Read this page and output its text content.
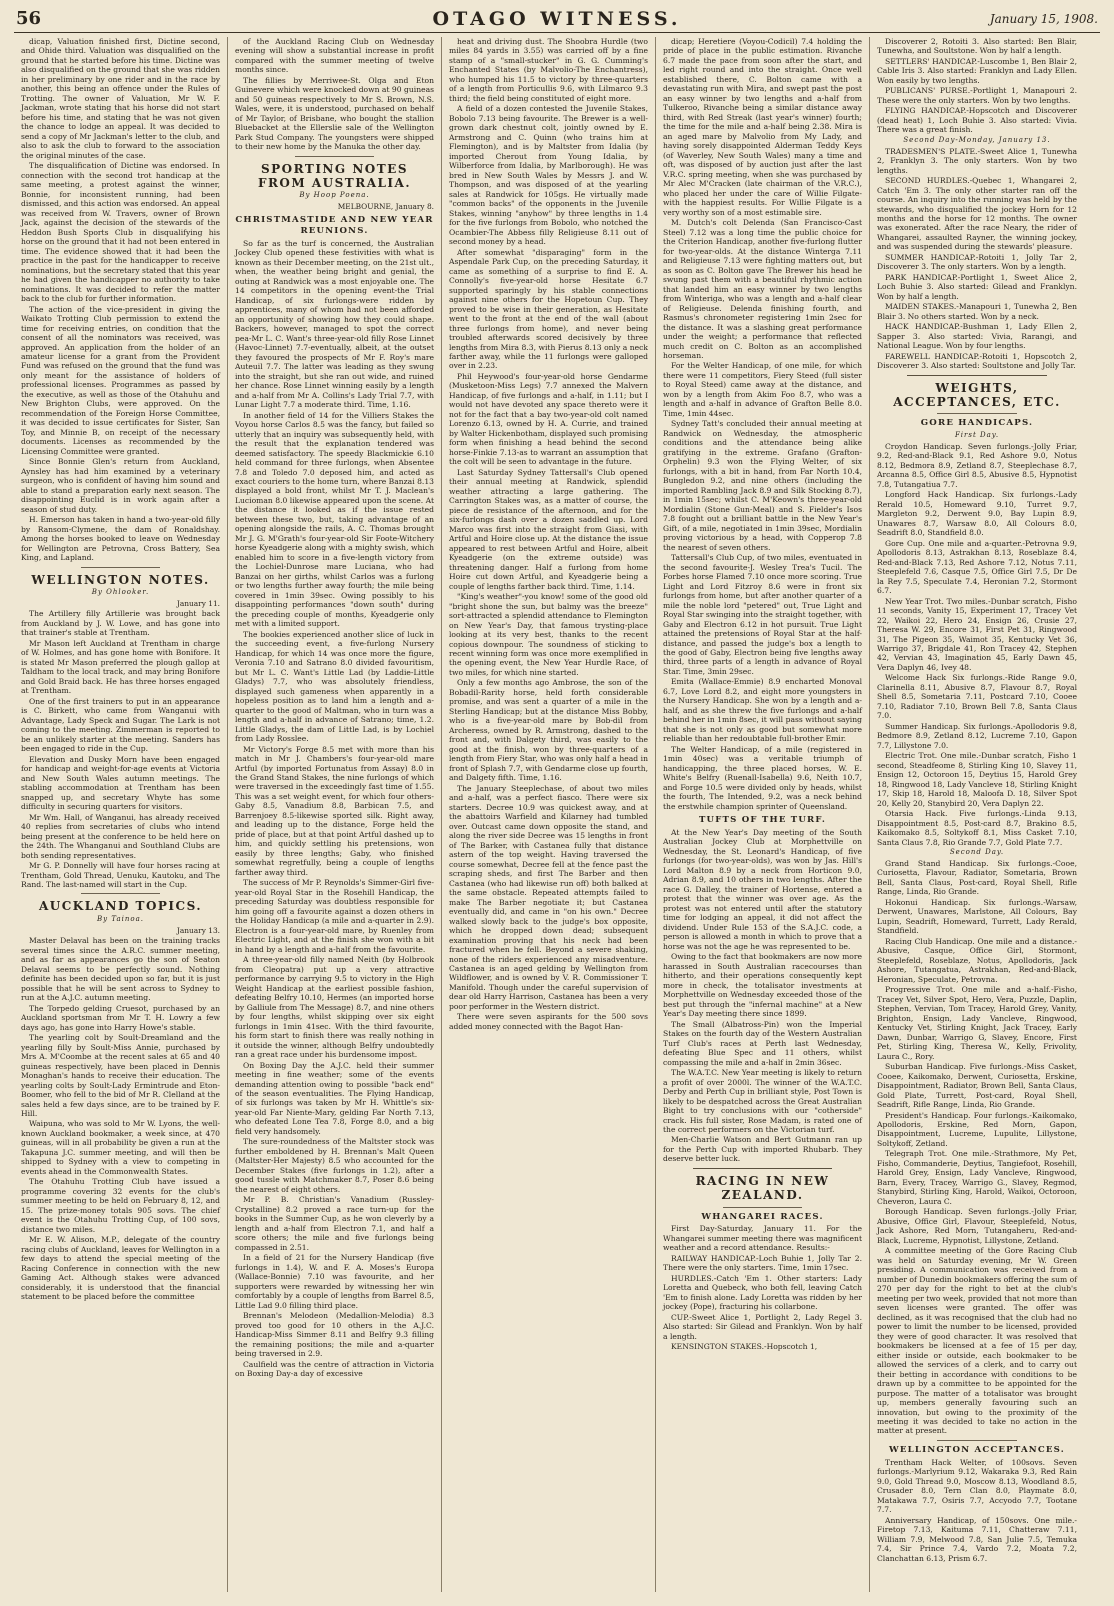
56	OTAGO WITNESS.	January 15, 1908.

dicap, Valuation finished first, Dictine second, and Ohide third. Valuation was disqualified on the ground that he started before his time. Dictine was also disqualified on the ground that she was ridden in her preliminary by one rider and in the race by another, this being an offence under the Rules of Trotting. The owner of Valuation, Mr W. F. Jackman, wrote stating that his horse did not start before his time, and stating that he was not given the chance to lodge an appeal. It was decided to send a copy of Mr Jackman's letter to the club, and also to ask the club to forward to the association the original minutes of the case.

The disqualification of Dictine was endorsed. In connection with the second trot handicap at the same meeting, a protest against the winner, Bonnie, for inconsistent running, had been dismissed, and this action was endorsed. An appeal was received from W. Travers, owner of Brown Jack, against the decision of the stewards of the Heddon Bush Sports Club in disqualifying his horse on the ground that it had not been entered in time. The evidence showed that it had been the practice in the past for the handicapper to receive nominations, but the secretary stated that this year he had given the handicapper no authority to take nominations. It was decided to refer the matter back to the club for further information.

The action of the vice-president in giving the Waikato Trotting Club permission to extend the time for receiving entries, on condition that the consent of all the nominators was received, was approved. An application from the holder of an amateur license for a grant from the Provident Fund was refused on the ground that the fund was only meant for the assistance of holders of professional licenses. Programmes as passed by the executive, as well as those of the Otahuhu and New Brighton Clubs, were approved. On the recommendation of the Foreign Horse Committee, it was decided to issue certificates for Sister, San Toy, and Minnie B, on receipt of the necessary documents. Licenses as recommended by the Licensing Committee were granted.

Since Bonnie Glen's return from Auckland, Aynsley has had him examined by a veterinary surgeon, who is confident of having him sound and able to stand a preparation early next season. The disappointing Euclid is in work again after a season of stud duty.

H. Emerson has taken in hand a two-year-old filly by Ransom-Clymene, the dam of Ronaldshay. Among the horses booked to leave on Wednesday for Wellington are Petrovna, Cross Battery, Sea King, and Lapland.

WELLINGTON NOTES.
By Ohlooker.
January 11.

The Artillery filly Artillerie was brought back from Auckland by J. W. Lowe, and has gone into that trainer's stable at Trentham.

Mr Mason left Auckland at Trentham in charge of W. Holmes, and has gone home with Bonifore. It is stated Mr Mason preferred the plough gallop at Taldham to the local track, and may bring Bonifore and Gold Braid back. He has three horses engaged at Trentham.

One of the first trainers to put in an appearance is C. Birkett, who came from Wanganui with Advantage, Lady Speck and Sugar. The Lark is not coming to the meeting. Zimmerman is reported to be an unlikely starter at the meeting. Sanders has been engaged to ride in the Cup.

Elevation and Dusky Morn have been engaged for handicap and weight-for-age events at Victoria and New South Wales autumn meetings. The stabling accommodation at Trentham has been snapped up, and secretary Whyte has some difficulty in securing quarters for visitors.

Mr Wm. Hall, of Wanganui, has already received 40 replies from secretaries of clubs who intend being present at the conference to be held here on the 24th. The Whanganui and Southland Clubs are both sending representatives.

Mr G. P. Donnelly will have four horses racing at Trentham, Gold Thread, Uenuku, Kautoku, and The Rand. The last-named will start in the Cup.

AUCKLAND TOPICS.
By Tainoa.
January 13.

Master Delaval has been on the training tracks several times since the A.R.C. summer meeting, and as far as appearances go the son of Seaton Delaval seems to be perfectly sound. Nothing definite has been decided upon so far, but it is just possible that he will be sent across to Sydney to run at the A.J.C. autumn meeting.

The Torpedo gelding Cruesot, purchased by an Auckland sportsman from Mr T. H. Lowry a few days ago, has gone into Harry Howe's stable.

The yearling colt by Soult-Dreamland and the yearling filly by Soult-Miss Annie, purchased by Mrs A. M'Coombe at the recent sales at 65 and 40 guineas respectively, have been placed in Dennis Monaghan's hands to receive their education. The yearling colts by Soult-Lady Ermintrude and Eton-Boomer, who fell to the bid of Mr R. Clelland at the sales held a few days since, are to be trained by F. Hill.

Waipuna, who was sold to Mr W. Lyons, the well-known Auckland bookmaker, a week since, at 470 guineas, will in all probability be given a run at the Takapuna J.C. summer meeting, and will then be shipped to Sydney with a view to competing in events ahead in the Commonwealth States.

The Otahuhu Trotting Club have issued a programme covering 32 events for the club's summer meeting to be held on February 8, 12, and 15. The prize-money totals 905 sovs. The chief event is the Otahuhu Trotting Cup, of 100 sovs, distance two miles.

Mr E. W. Alison, M.P., delegate of the country racing clubs of Auckland, leaves for Wellington in a few days to attend the special meeting of the Racing Conference in connection with the new Gaming Act. Although stakes were advanced considerably, it is understood that the financial statement to be placed before the committee

of the Auckland Racing Club on Wednesday evening will show a substantial increase in profit compared with the summer meeting of twelve months since.

The fillies by Merriwee-St. Olga and Eton Guinevere which were knocked down at 90 guineas and 50 guineas respectively to Mr S. Brown, N.S. Wales, were, it is understood, purchased on behalf of Mr Taylor, of Brisbane, who bought the stallion Bluebacket at the Ellerslie sale of the Wellington Park Stud Company. The youngsters were shipped to their new home by the Manuka the other day.

SPORTING NOTES FROM AUSTRALIA.
By Hoop Poena.
MELBOURNE, January 8.
CHRISTMASTIDE AND NEW YEAR REUNIONS.

So far as the turf is concerned, the Australian Jockey Club opened these festivities with what is known as their December meeting, on the 21st ult., when, the weather being bright and genial, the outing at Randwick was a most enjoyable one. The 14 competitors in the opening event-the Trial Handicap, of six furlongs-were ridden by apprentices, many of whom had not been afforded an opportunity of showing how they could shape. Backers, however, managed to spot the correct pea-Mr L. C. Want's three-year-old filly Rose Linnet (Havoc-Linnet) 7.7-eventually, albeit, at the outset they favoured the prospects of Mr F. Roy's mare Auteuil 7.7. The latter was leading as they swung into the straight, but she ran out wide, and ruined her chance. Rose Linnet winning easily by a length and a-half from Mr A. Collins's Lady Trial 7.7, with Lunar Light 7.7 a moderate third. Time, 1.16.

In another field of 14 for the Villiers Stakes the Voyou horse Carlos 8.5 was the fancy, but failed so utterly that an inquiry was subsequently held, with the result that the explanation tendered was deemed satisfactory. The speedy Blackmickie 6.10 held command for three furlongs, when Absentee 7.8 and Toledo 7.0 deposed him, and acted as exact couriers to the home turn, where Banzai 8.13 displayed a bold front, whilst Mr T. J. Maclean's Lucioman 8.0 likewise appeared upon the scene. At the distance it looked as if the issue rested between these two, but, taking advantage of an opening alongside the rails, A. C. Thomas brought Mr J. G. M'Grath's four-year-old Sir Foote-Witchery horse Kyeadgerie along with a mighty swish, which enabled him to score in a five-length victory from the Lochiel-Dunrose mare Luciana, who had Banzai on her girths, whilst Carlos was a furlong or two lengths further away fourth; the mile being covered in 1min 39sec. Owing possibly to his disappointing performances "down south" during the preceding couple of months, Kyeadgerie only met with a limited support.

The bookies experienced another slice of luck in the succeeding event, a five-furlong Nursery Handicap, for which 14 was once more the figure, Veronia 7.10 and Satrano 8.0 divided favouritism, but Mr L. C. Want's Little Lad (by Laddie-Little Gladys) 7.7, who was absolutely friendless, displayed such gameness when apparently in a hopeless position as to land him a length and a-quarter to the good of Maltman, who in turn was a length and a-half in advance of Satrano; time, 1.2. Little Gladys, the dam of Little Lad, is by Lochiel from Lady Rosslee.

Mr Victory's Forge 8.5 met with more than his match in Mr J. Chambers's four-year-old mare Artful (by imported Fortunatus from Assay) 8.0 in the Grand Stand Stakes, the nine furlongs of which were traversed in the exceedingly fast time of 1.55. This was a set weight event, for which four others-Gaby 8.5, Vanadium 8.8, Barbican 7.5, and Barrenjoey 8.5-likewise sported silk. Right away, and leading up to the distance, Forge held the pride of place, but at that point Artful dashed up to him, and quickly settling his pretensions, won easily by three lengths; Gaby, who finished somewhat regretfully, being a couple of lengths farther away third.

The success of Mr P. Reynolds's Simmer-Girl five-year-old Royal Star in the Rosehill Handicap, the preceding Saturday was doubtless responsible for him going off a favourite against a dozen others in the Holiday Handicap (a mile and a-quarter in 2.9). Electron is a four-year-old mare, by Ruenley from Electric Light, and at the finish she won with a bit in hand by a length and a-half from the favourite.

A three-year-old filly named Neith (by Holbrook from Cleopatra) put up a very attractive performance by carrying 9.5 to victory in the High Weight Handicap at the earliest possible fashion, defeating Belfry 10.10, Hermes (an imported horse by Galliule from The Message) 8.7, and nine others by four lengths, whilst skipping over six eight furlongs in 1min 41sec. With the third favourite, his form start to finish there was really nothing in it outside the winner, although Belfry undoubtedly ran a great race under his burdensome impost.

On Boxing Day the A.J.C. held their summer meeting in fine weather; some of the events demanding attention owing to possible "back end" of the season eventualities. The Flying Handicap, of six furlongs was taken by Mr H. Whittle's six-year-old Far Niente-Mary, gelding Far North 7.13, who defeated Lone Tea 7.8, Forge 8.0, and a big field very handsomely.

The sure-roundedness of the Maltster stock was further emboldened by H. Brennan's Malt Queen (Maltster-Her Majesty) 8.5 who accounted for the December Stakes (five furlongs in 1.2), after a good tussle with Matchmaker 8.7, Poser 8.6 being the nearest of eight others.

Mr P. B. Christian's Vanadium (Russley-Crystalline) 8.2 proved a race turn-up for the books in the Summer Cup, as he won cleverly by a length and a-half from Electron 7.1, and half a score others; the mile and five furlongs being compassed in 2.51.

In a field of 21 for the Nursery Handicap (five furlongs in 1.4), W. and F. A. Moses's Europa (Wallace-Bonnie) 7.10 was favourite, and her supporters were rewarded by witnessing her win comfortably by a couple of lengths from Barrel 8.5, Little Lad 9.0 filling third place.

Brennan's Melodeon (Medallion-Melodia) 8.3 proved too good for 10 others in the A.J.C. Handicap-Miss Simmer 8.11 and Belfry 9.3 filling the remaining positions; the mile and a-quarter being traversed in 2.9.

Caulfield was the centre of attraction in Victoria on Boxing Day-a day of excessive

heat and driving dust. The Shoobra Hurdle (two miles 84 yards in 3.55) was carried off by a fine stamp of a "small-stucker" in G. G. Cumming's Enchanted States (by Malvolio-The Enchantress), who humped his 11.5 to victory by three-quarters of a length from Porticullis 9.6, with Lilmarco 9.3 third; the field being constituted of eight more.

A field of a dozen contested the Juvenile Stakes, Bobolo 7.13 being favourite. The Brewer is a well-grown dark chestnut colt, jointly owned by E. Armstrong and C. Quinn (who trains him at Flemington), and is by Maltster from Idalia (by imported Cherout from Young Idalia, by Wilberforce from Idalia, by Marlborough). He was bred in New South Wales by Messrs J. and W. Thompson, and was disposed of at the yearling sales at Randwick for 105gs. He virtually made "common backs" of the opponents in the Juvenile Stakes, winning "anyhow" by three lengths in 1.4 for the five furlongs from Bobolo, who notched the Ocambier-The Abbess filly Religieuse 8.11 out of second money by a head.

After somewhat "disparaging" form in the Aspendale Park Cup, on the preceding Saturday, it came as something of a surprise to find E. A. Connolly's five-year-old horse Hesitate 6.7 supported sparingly by his stable connections against nine others for the Hopetoun Cup. They proved to be wise in their generation, as Hesitate went to the front at the end of the wall (about three furlongs from home), and never being troubled afterwards scored decisively by three lengths from Mira 8.3, with Pierus 8.13 only a neck farther away, while the 11 furlongs were galloped over in 2.23.

Phil Heywood's four-year-old horse Gendarme (Musketoon-Miss Legs) 7.7 annexed the Malvern Handicap, of five furlongs and a-half, in 1.11; but I would not have devoted any space thereto were it not for the fact that a bay two-year-old colt named Lorenzo 6.13, owned by H. A. Currie, and trained by Walter Hickenbotham, displayed such promising form when finishing a head behind the second horse-Finkie 7.13-as to warrant an assumption that the colt will be seen to advantage in the future.

Last Saturday Sydney Tattersall's Club opened their annual meeting at Randwick, splendid weather attracting a large gathering. The Carrington Stakes was, as a matter of course, the piece de resistance of the afternoon, and for the six-furlongs dash over a dozen saddled up. Lord Marco was first into the straight from Giasi, with Artful and Hoire close up. At the distance the issue appeared to rest between Artful and Hoire, albeit Kyeadgerie (on the extreme outside) was threatening danger. Half a furlong from home Hoire cut down Artful, and Kyeadgerie being a couple of lengths farther back third. Time, 1.14.

"King's weather"-you know! some of the good old "bright shone the sun, but balmy was the breeze" sort-attracted a splendid attendance to Flemington on New Year's Day, that famous trysting-place looking at its very best, thanks to the recent copious downpour. The soundness of sticking to recent winning form was once more exemplified in the opening event, the New Year Hurdle Race, of two miles, for which nine started.

Only a few months ago Ambrose, the son of the Bobadil-Rarity horse, held forth considerable promise, and was sent a quarter of a mile in the Sterling Handicap; but at the distance Miss Bobby, who is a five-year-old mare by Bob-dil from Archeress, owned by R. Armstrong, dashed to the front and, with Dalgety third, was easily to the good at the finish, won by three-quarters of a length from Fiery Star, who was only half a head in front of Splash 7.7, with Gendarme close up fourth, and Dalgety fifth. Time, 1.16.

The January Steeplechase, of about two miles and a-half, was a perfect fiasco. There were six starters. Decree 10.9 was quickest away, and at the abattoirs Warfield and Kilarney had tumbled over. Outcast came down opposite the stand, and along the river side Decree was 15 lengths in front of The Barker, with Castanea fully that distance astern of the top weight. Having traversed the course somewhat, Decree fell at the fence past the scraping sheds, and first The Barber and then Castanea (who had likewise run off) both balked at the same obstacle. Repeated attempts failed to make The Barber negotiate it; but Castanea eventually did, and came in "on his own." Decree walked slowly back to the judge's box opposite, which he dropped down dead; subsequent examination proving that his neck had been fractured when he fell. Beyond a severe shaking, none of the riders experienced any misadventure. Castanea is an aged gelding by Wellington from Wildflower, and is owned by V. R. Commissioner T. Manifold. Though under the careful supervision of dear old Harry Harrison, Castanea has been a very poor performer in the Western district.

There were seven aspirants for the 500 sovs added money connected with the Bagot Han-

dicap; Heretiere (Voyou-Codicil) 7.4 holding the pride of place in the public estimation. Rivanche 6.7 made the pace from soon after the start, and led right round and into the straight. Once well established there, C. Bolton came with a devastating run with Mira, and swept past the post an easy winner by two lengths and a-half from Tulkeroo, Rivanche being a similar distance away third, with Red Streak (last year's winner) fourth; the time for the mile and a-half being 2.38. Mira is an aged mare by Malvolio from My Lady, and having sorely disappointed Alderman Teddy Keys (of Waverley, New South Wales) many a time and oft, was disposed of by auction just after the last V.R.C. spring meeting, when she was purchased by Mr Alec M'Cracken (late chairman of the V.R.C.), who placed her under the care of Willie Filgate-with the happiest results. For Willie Filgate is a very worthy son of a most estimable sire.

M. Dutch's colt Delenda (San Francisco-Cast Steel) 7.12 was a long time the public choice for the Criterion Handicap, another five-furlong flutter for two-year-olds. At the distance Winterga 7.11 and Religieuse 7.13 were fighting matters out, but as soon as C. Bolton gave The Brewer his head he swung past them with a beautiful rhythmic action that landed him an easy winner by two lengths from Winteriga, who was a length and a-half clear of Religieuse. Delenda finishing fourth, and Rasmus's chronometer registering 1min 2sec for the distance. It was a slashing great performance under the weight; a performance that reflected much credit on C. Bolton as an accomplished horseman.

For the Welter Handicap, of one mile, for which there were 11 competitors, Fiery Steed (full sister to Royal Steed) came away at the distance, and won by a length from Akim Foo 8.7, who was a length and a-half in advance of Grafton Belle 8.0. Time, 1min 44sec.

Sydney Tatt's concluded their annual meeting at Randwick on Wednesday, the atmospheric conditions and the attendance being alike gratifying in the extreme. Grafano (Grafton-Orphelin) 9.3 won the Flying Welter, of six furlongs, with a bit in hand, from Far North 10.4, Bungledon 9.2, and nine others (including the imported Rambling Jack 8.9 and Silk Stocking 8.7), in 1min 15sec; whilst C. M'Keown's three-year-old Mordialin (Stone Gun-Meal) and S. Fielder's Isos 7.8 fought out a brilliant battle in the New Year's Gift, of a mile, negotiated in 1min 39sec, Mordialin proving victorious by a head, with Copperop 7.8 the nearest of seven others.

Tattersall's Club Cup, of two miles, eventuated in the second favourite-J. Wesley Trea's Tucil. The Forbes horse Flamed 7.10 once more scoring. True Light and Lord Fitzroy 8.6 were in front six furlongs from home, but after another quarter of a mile the noble lord "petered" out, True Light and Royal Star swinging into the straight together, with Gaby and Electron 6.12 in hot pursuit. True Light attained the pretensions of Royal Star at the half-distance, and passed the judge's box a length to the good of Gaby, Electron being five lengths away third, three parts of a length in advance of Royal Star. Time, 3min 29sec.

Emita (Wallace-Emmie) 8.9 encharted Monoval 6.7, Love Lord 8.2, and eight more youngsters in the Nursery Handicap. She won by a length and a-half, and as she threw the five furlongs and a-half behind her in 1min 8sec, it will pass without saying that she is not only as good but somewhat more reliable than her redoubtable full-brother Emir.

The Welter Handicap, of a mile (registered in 1min 40sec) was a veritable triumph of handicapping, the three placed horses, W. E. White's Belfry (Ruenall-Isabella) 9.6, Neith 10.7, and Forge 10.5 were divided only by heads, whilst the fourth, The Intended, 9.2, was a neck behind the erstwhile champion sprinter of Queensland.

TUFTS OF THE TURF.

At the New Year's Day meeting of the South Australian Jockey Club at Morphettville on Wednesday, the St. Leonard's Handicap, of five furlongs (for two-year-olds), was won by Jas. Hill's Lord Malton 8.9 by a neck from Horticon 9.0, Adrian 8.9, and 10 others in two lengths. After the race G. Dalley, the trainer of Hortense, entered a protest that the winner was over age. As the protest was not entered until after the statutory time for lodging an appeal, it did not affect the dividend. Under Rule 153 of the S.A.J.C. code, a person is allowed a month in which to prove that a horse was not the age he was represented to be.

Owing to the fact that bookmakers are now more harassed in South Australian racecourses than hitherto, and their operations consequently kept more in check, the totalisator investments at Morphettville on Wednesday exceeded those of the best put through the "infernal machine" at a New Year's Day meeting there since 1899.

The Small (Albatross-Pin) won the Imperial Stakes on the fourth day of the Western Australian Turf Club's races at Perth last Wednesday, defeating Blue Spec and 11 others, whilst compassing the mile and a-half in 2min 36sec.

The W.A.T.C. New Year meeting is likely to return a profit of over 2000l. The winner of the W.A.T.C. Derby and Perth Cup in brilliant style, Post Town is likely to be despatched across the Great Australian Bight to try conclusions with our "cotherside" crack. His full sister, Rose Madam, is rated one of the correct performers on the Victorian turf.

Men-Charlie Watson and Bert Gutmann ran up for the Perth Cup with imported Rhubarb. They deserve better luck.

RACING IN NEW ZEALAND.
WHANGAREI RACES.

First Day-Saturday, January 11. For the Whangarei summer meeting there was magnificent weather and a record attendance. Results:-

RAILWAY HANDICAP.-Loch Buhie 1, Jolly Tar 2. There were the only starters. Time, 1min 17sec.

HURDLES.-Catch 'Em 1. Other starters: Lady Loretta and Quebeck, who both fell, leaving Catch 'Em to finish alone. Lady Loretta was ridden by her jockey (Pope), fracturing his collarbone.

CUP.-Sweet Alice 1, Portlight 2, Lady Regel 3. Also started: Sir Gilead and Franklyn. Won by half a length.

KENSINGTON STAKES.-Hopscotch 1,

Discoverer 2, Rotoiti 3. Also started: Ben Blair, Tunewha, and Soultstone. Won by half a length.

SETTLERS' HANDICAP.-Luscombe 1, Ben Blair 2, Cable Iris 3. Also started: Franklyn and Lady Ellen. Won easily by two lengths.

PUBLICANS' PURSE.-Portlight 1, Manapouri 2. These were the only starters. Won by two lengths.

FLYING HANDICAP.-Hopscotch and Discoverer (dead heat) 1, Loch Buhie 3. Also started: Vivia. There was a great finish.

Second Day-Monday, January 13.

TRADESMEN'S PLATE.-Sweet Alice 1, Tunewha 2, Franklyn 3. The only starters. Won by two lengths.

SECOND HURDLES.-Quebec 1, Whangarei 2, Catch 'Em 3. The only other starter ran off the course. An inquiry into the running was held by the stewards, who disqualified the jockey Horn for 12 months and the horse for 12 months. The owner was exonerated. After the race Neary, the rider of Whangarei, assaulted Rayner, the winning jockey, and was suspended during the stewards' pleasure.

SUMMER HANDICAP.-Rotoiti 1, Jolly Tar 2, Discoverer 3. The only starters. Won by a length.

PARK HANDICAP.-Portlight 1, Sweet Alice 2, Loch Buhie 3. Also started: Gilead and Franklyn. Won by half a length.

MAIDEN STAKES.-Manapouri 1, Tunewha 2, Ben Blair 3. No others started. Won by a neck.

HACK HANDICAP.-Bushman 1, Lady Ellen 2, Sapper 3. Also started: Vivia, Rarangi, and National League. Won by four lengths.

FAREWELL HANDICAP.-Rotoiti 1, Hopscotch 2, Discoverer 3. Also started: Soultstone and Jolly Tar.

WEIGHTS, ACCEPTANCES, ETC.
GORE HANDICAPS.
First Day.

Croydon Handicap. Seven furlongs.-Jolly Friar, 9.2, Red-and-Black 9.1, Red Ashore 9.0, Notus 8.12, Bedmora 8.9, Zetland 8.7, Steeplechase 8.7, Arcanna 8.5, Office Girl 8.5, Abusive 8.5, Hypnotist 7.8, Tutangatiua 7.7.

Longford Hack Handicap. Six furlongs.-Lady Rerald 10.5, Homeward 9.10, Turret 9.7, Margleton 9.2, Derwent 9.0, Bay Lupin 8.9, Unawares 8.7, Warsaw 8.0, All Colours 8.0, Seadrift 8.0, Standfield 8.0.

Gore Cup. One mile and a-quarter.-Petrovna 9.9, Apollodoris 8.13, Astrakhan 8.13, Roseblaze 8.4, Red-and-Black 7.13, Red Ashore 7.12, Notus 7.11, Steeplefeld 7.6, Casque 7.5, Office Girl 7.5, Dr De la Rey 7.5, Speculate 7.4, Heronian 7.2, Stormont 6.7.

New Year Trot. Two miles.-Dunbar scratch, Fisho 11 seconds, Vanity 15, Experiment 17, Tracey Vet 22, Waikoi 22, Hero 24, Ensign 26, Crusie 27, Theresa W. 29, Encore 31, First Pet 31, Ringwood 31, The Pigeon 35, Waimot 35, Kentucky Vet 36, Warrigo 37, Brigdale 41, Ron Tracey 42, Stephen 42, Vervian 43, Imagination 45, Early Dawn 45, Vera Daplyn 46, Ivey 48.

Welcome Hack Six furlongs.-Ride Range 9.0, Clarinella 8.11, Abusive 8.7, Flavour 8.7, Royal Shell 8.5, Sometaria 7.11, Postcard 7.10, Cooee 7.10, Radiator 7.10, Brown Bell 7.8, Santa Claus 7.0.

Summer Handicap. Six furlongs.-Apollodoris 9.8, Bedmore 8.9, Zetland 8.12, Lucreme 7.10, Gapon 7.7, Lillystone 7.0.

Electric Trot. One mile.-Dunbar scratch, Fisho 1 second, Steadfeome 8, Stirling King 10, Slavey 11, Ensign 12, Octoroon 15, Deytius 15, Harold Grey 18, Ringwood 18, Lady Vancleve 18, Stirling Knight 17, Skip 18, Harold 18, Maloofa D. 18, Silver Spot 20, Kelly 20, Stanybird 20, Vera Daplyn 22.

Otarsia Hack. Five furlongs.-Linda 9.13, Disappointment 8.5, Post-card 8.7, Brakino 8.5, Kaikomako 8.5, Soltykoff 8.1, Miss Casket 7.10, Santa Claus 7.8, Rio Grande 7.7, Gold Plate 7.7.

Second Day.

Grand Stand Handicap. Six furlongs.-Cooe, Curiosetta, Flavour, Radiator, Sometaria, Brown Bell, Santa Claus, Post-card, Royal Shell, Rifle Range, Linda, Rio Grande.

Hokonui Handicap. Six furlongs.-Warsaw, Derwent, Unawares, Marlstone, All Colours, Bay Lupin, Seadrift, Homeward, Turrett, Lady Rerald, Standfield.

Racing Club Handicap. One mile and a distance.-Abusive, Casque, Office Girl, Stormont, Steeplefeld, Roseblaze, Notus, Apollodoris, Jack Ashore, Tutangatua, Astrakhan, Red-and-Black, Heronian, Speculate, Petrovna.

Progressive Trot. One mile and a-half.-Fisho, Tracey Vet, Silver Spot, Hero, Vera, Puzzle, Daplin, Stephen, Vervian, Tom Tracey, Harold Grey, Vanity, Brighton, Ensign, Lady Vancleve, Ringwood, Kentucky Vet, Stirling Knight, Jack Tracey, Early Dawn, Dunbar, Warrigo G, Slavey, Encore, First Pet, Stirling King, Theresa W., Kelly, Frivolity, Laura C., Rory.

Suburban Handicap. Five furlongs.-Miss Casket, Cooee, Kaikomako, Derwent, Curiosetta, Erskine, Disappointment, Radiator, Brown Bell, Santa Claus, Gold Plate, Turrett, Post-card, Royal Shell, Seadrift, Rifle Range, Linda, Rio Grande.

President's Handicap. Four furlongs.-Kaikomako, Apollodoris, Erskine, Red Morn, Gapon, Disappointment, Lucreme, Lupulite, Lillystone, Soltykoff, Zetland.

Telegraph Trot. One mile.-Strathmore, My Pet, Fisho, Commanderie, Deytius, Tangiefoot, Rosehill, Harold Grey, Ensign, Lady Vancleve, Ringwood, Barn, Every, Tracey, Warrigo G., Slavey, Regmod, Stanybird, Stirling King, Harold, Waikoi, Octoroon, Cheveron, Laura C.

Borough Handicap. Seven furlongs.-Jolly Friar, Abusive, Office Girl, Flavour, Steeplefeld, Notus, Jack Ashore, Red Morn, Tutangaheru, Red-and-Black, Lucreme, Hypnotist, Lillystone, Zetland.

A committee meeting of the Gore Racing Club was held on Saturday evening, Mr W. Green presiding. A communication was received from a number of Dunedin bookmakers offering the sum of 270 per day for the right to bet at the club's meeting per two week, provided that not more than seven licenses were granted. The offer was declined, as it was recognised that the club had no power to limit the number to be licensed, provided they were of good character. It was resolved that bookmakers be licensed at a fee of 15 per day, either inside or outside, each bookmaker to be allowed the services of a clerk, and to carry out their betting in accordance with conditions to be drawn up by a committee to be appointed for the purpose. The matter of a totalisator was brought up, members generally favouring such an innovation, but owing to the proximity of the meeting it was decided to take no action in the matter at present.

WELLINGTON ACCEPTANCES.

Trentham Hack Welter, of 100sovs. Seven furlongs.-Marlyrium 9.12, Wakaraka 9.3, Red Rain 9.0, Gold Thread 9.0, Moscow 8.13, Woodland 8.5, Crusader 8.0, Tern Clan 8.0, Playmate 8.0, Matakawa 7.7, Osiris 7.7, Accyodo 7.7, Tootane 7.7.

Anniversary Handicap, of 150sovs. One mile.-Firetop 7.13, Kaituma 7.11, Chatteraw 7.11, William 7.9, Melwood 7.8, San Julie 7.5, Temuka 7.4, Sir Prince 7.4, Vardo 7.2, Moata 7.2, Clanchattan 6.13, Prism 6.7.
